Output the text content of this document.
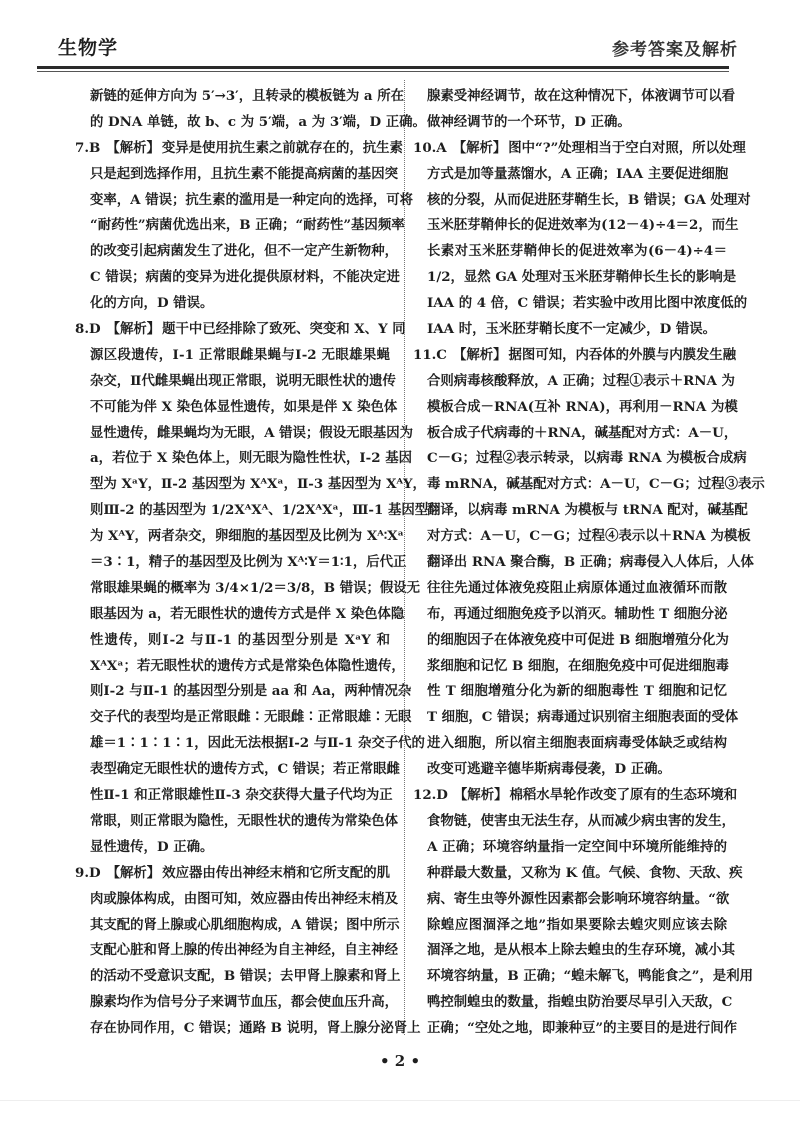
生物学	参考答案及解析
新链的延伸方向为 5′→3′，且转录的模板链为 a 所在
的 DNA 单链，故 b、c 为 5′端，a 为 3′端，D 正确。
7.B 【解析】 变异是使用抗生素之前就存在的，抗生素
只是起到选择作用，且抗生素不能提高病菌的基因突
变率，A 错误；抗生素的滥用是一种定向的选择，可将
“耐药性”病菌优选出来，B 正确；“耐药性”基因频率
的改变引起病菌发生了进化，但不一定产生新物种，
C 错误；病菌的变异为进化提供原材料，不能决定进
化的方向，D 错误。
8.D 【解析】 题干中已经排除了致死、突变和 X、Y 同
源区段遗传，Ⅰ-1 正常眼雌果蝇与Ⅰ-2 无眼雄果蝇
杂交，Ⅱ代雌果蝇出现正常眼，说明无眼性状的遗传
不可能为伴 X 染色体显性遗传，如果是伴 X 染色体
显性遗传，雌果蝇均为无眼，A 错误；假设无眼基因为
a，若位于 X 染色体上，则无眼为隐性性状，Ⅰ-2 基因
型为 XᵃY，Ⅱ-2 基因型为 XᴬXᵃ，Ⅱ-3 基因型为 XᴬY，
则Ⅲ-2 的基因型为 1/2XᴬXᴬ、1/2XᴬXᵃ，Ⅲ-1 基因型
为 XᴬY，两者杂交，卵细胞的基因型及比例为 Xᴬ∶Xᵃ
＝3∶1，精子的基因型及比例为 Xᴬ∶Y＝1∶1，后代正
常眼雄果蝇的概率为 3/4×1/2＝3/8，B 错误；假设无
眼基因为 a，若无眼性状的遗传方式是伴 X 染色体隐
性遗传，则Ⅰ-2 与Ⅱ-1 的基因型分别是 XᵃY 和
XᴬXᵃ；若无眼性状的遗传方式是常染色体隐性遗传，
则Ⅰ-2 与Ⅱ-1 的基因型分别是 aa 和 Aa，两种情况杂
交子代的表型均是正常眼雌∶无眼雌∶正常眼雄∶无眼
雄＝1∶1∶1∶1，因此无法根据Ⅰ-2 与Ⅱ-1 杂交子代的
表型确定无眼性状的遗传方式，C 错误；若正常眼雌
性Ⅱ-1 和正常眼雄性Ⅱ-3 杂交获得大量子代均为正
常眼，则正常眼为隐性，无眼性状的遗传为常染色体
显性遗传，D 正确。
9.D 【解析】 效应器由传出神经末梢和它所支配的肌
肉或腺体构成，由图可知，效应器由传出神经末梢及
其支配的肾上腺或心肌细胞构成，A 错误；图中所示
支配心脏和肾上腺的传出神经为自主神经，自主神经
的活动不受意识支配，B 错误；去甲肾上腺素和肾上
腺素均作为信号分子来调节血压，都会使血压升高，
存在协同作用，C 错误；通路 B 说明，肾上腺分泌肾上
腺素受神经调节，故在这种情况下，体液调节可以看
做神经调节的一个环节，D 正确。
10.A 【解析】 图中“?”处理相当于空白对照，所以处理
方式是加等量蒸馏水，A 正确；IAA 主要促进细胞
核的分裂，从而促进胚芽鞘生长，B 错误；GA 处理对
玉米胚芽鞘伸长的促进效率为(12－4)÷4＝2，而生
长素对玉米胚芽鞘伸长的促进效率为(6－4)÷4＝
1/2，显然 GA 处理对玉米胚芽鞘伸长生长的影响是
IAA 的 4 倍，C 错误；若实验中改用比图中浓度低的
IAA 时，玉米胚芽鞘长度不一定减少，D 错误。
11.C 【解析】 据图可知，内吞体的外膜与内膜发生融
合则病毒核酸释放，A 正确；过程①表示＋RNA 为
模板合成－RNA(互补 RNA)，再利用－RNA 为模
板合成子代病毒的＋RNA，碱基配对方式：A－U，
C－G；过程②表示转录，以病毒 RNA 为模板合成病
毒 mRNA，碱基配对方式：A－U，C－G；过程③表示
翻译，以病毒 mRNA 为模板与 tRNA 配对，碱基配
对方式：A－U，C－G；过程④表示以＋RNA 为模板
翻译出 RNA 聚合酶，B 正确；病毒侵入人体后，人体
往往先通过体液免疫阻止病原体通过血液循环而散
布，再通过细胞免疫予以消灭。辅助性 T 细胞分泌
的细胞因子在体液免疫中可促进 B 细胞增殖分化为
浆细胞和记忆 B 细胞，在细胞免疫中可促进细胞毒
性 T 细胞增殖分化为新的细胞毒性 T 细胞和记忆
T 细胞，C 错误；病毒通过识别宿主细胞表面的受体
进入细胞，所以宿主细胞表面病毒受体缺乏或结构
改变可逃避辛德毕斯病毒侵袭，D 正确。
12.D 【解析】 棉稻水旱轮作改变了原有的生态环境和
食物链，使害虫无法生存，从而减少病虫害的发生，
A 正确；环境容纳量指一定空间中环境所能维持的
种群最大数量，又称为 K 值。气候、食物、天敌、疾
病、寄生虫等外源性因素都会影响环境容纳量。“欲
除蝗应图涸泽之地”指如果要除去蝗灾则应该去除
涸泽之地，是从根本上除去蝗虫的生存环境，减小其
环境容纳量，B 正确；“蝗未解飞，鸭能食之”，是利用
鸭控制蝗虫的数量，指蝗虫防治要尽早引入天敌，C
正确；“空处之地，即兼种豆”的主要目的是进行间作
• 2 •
